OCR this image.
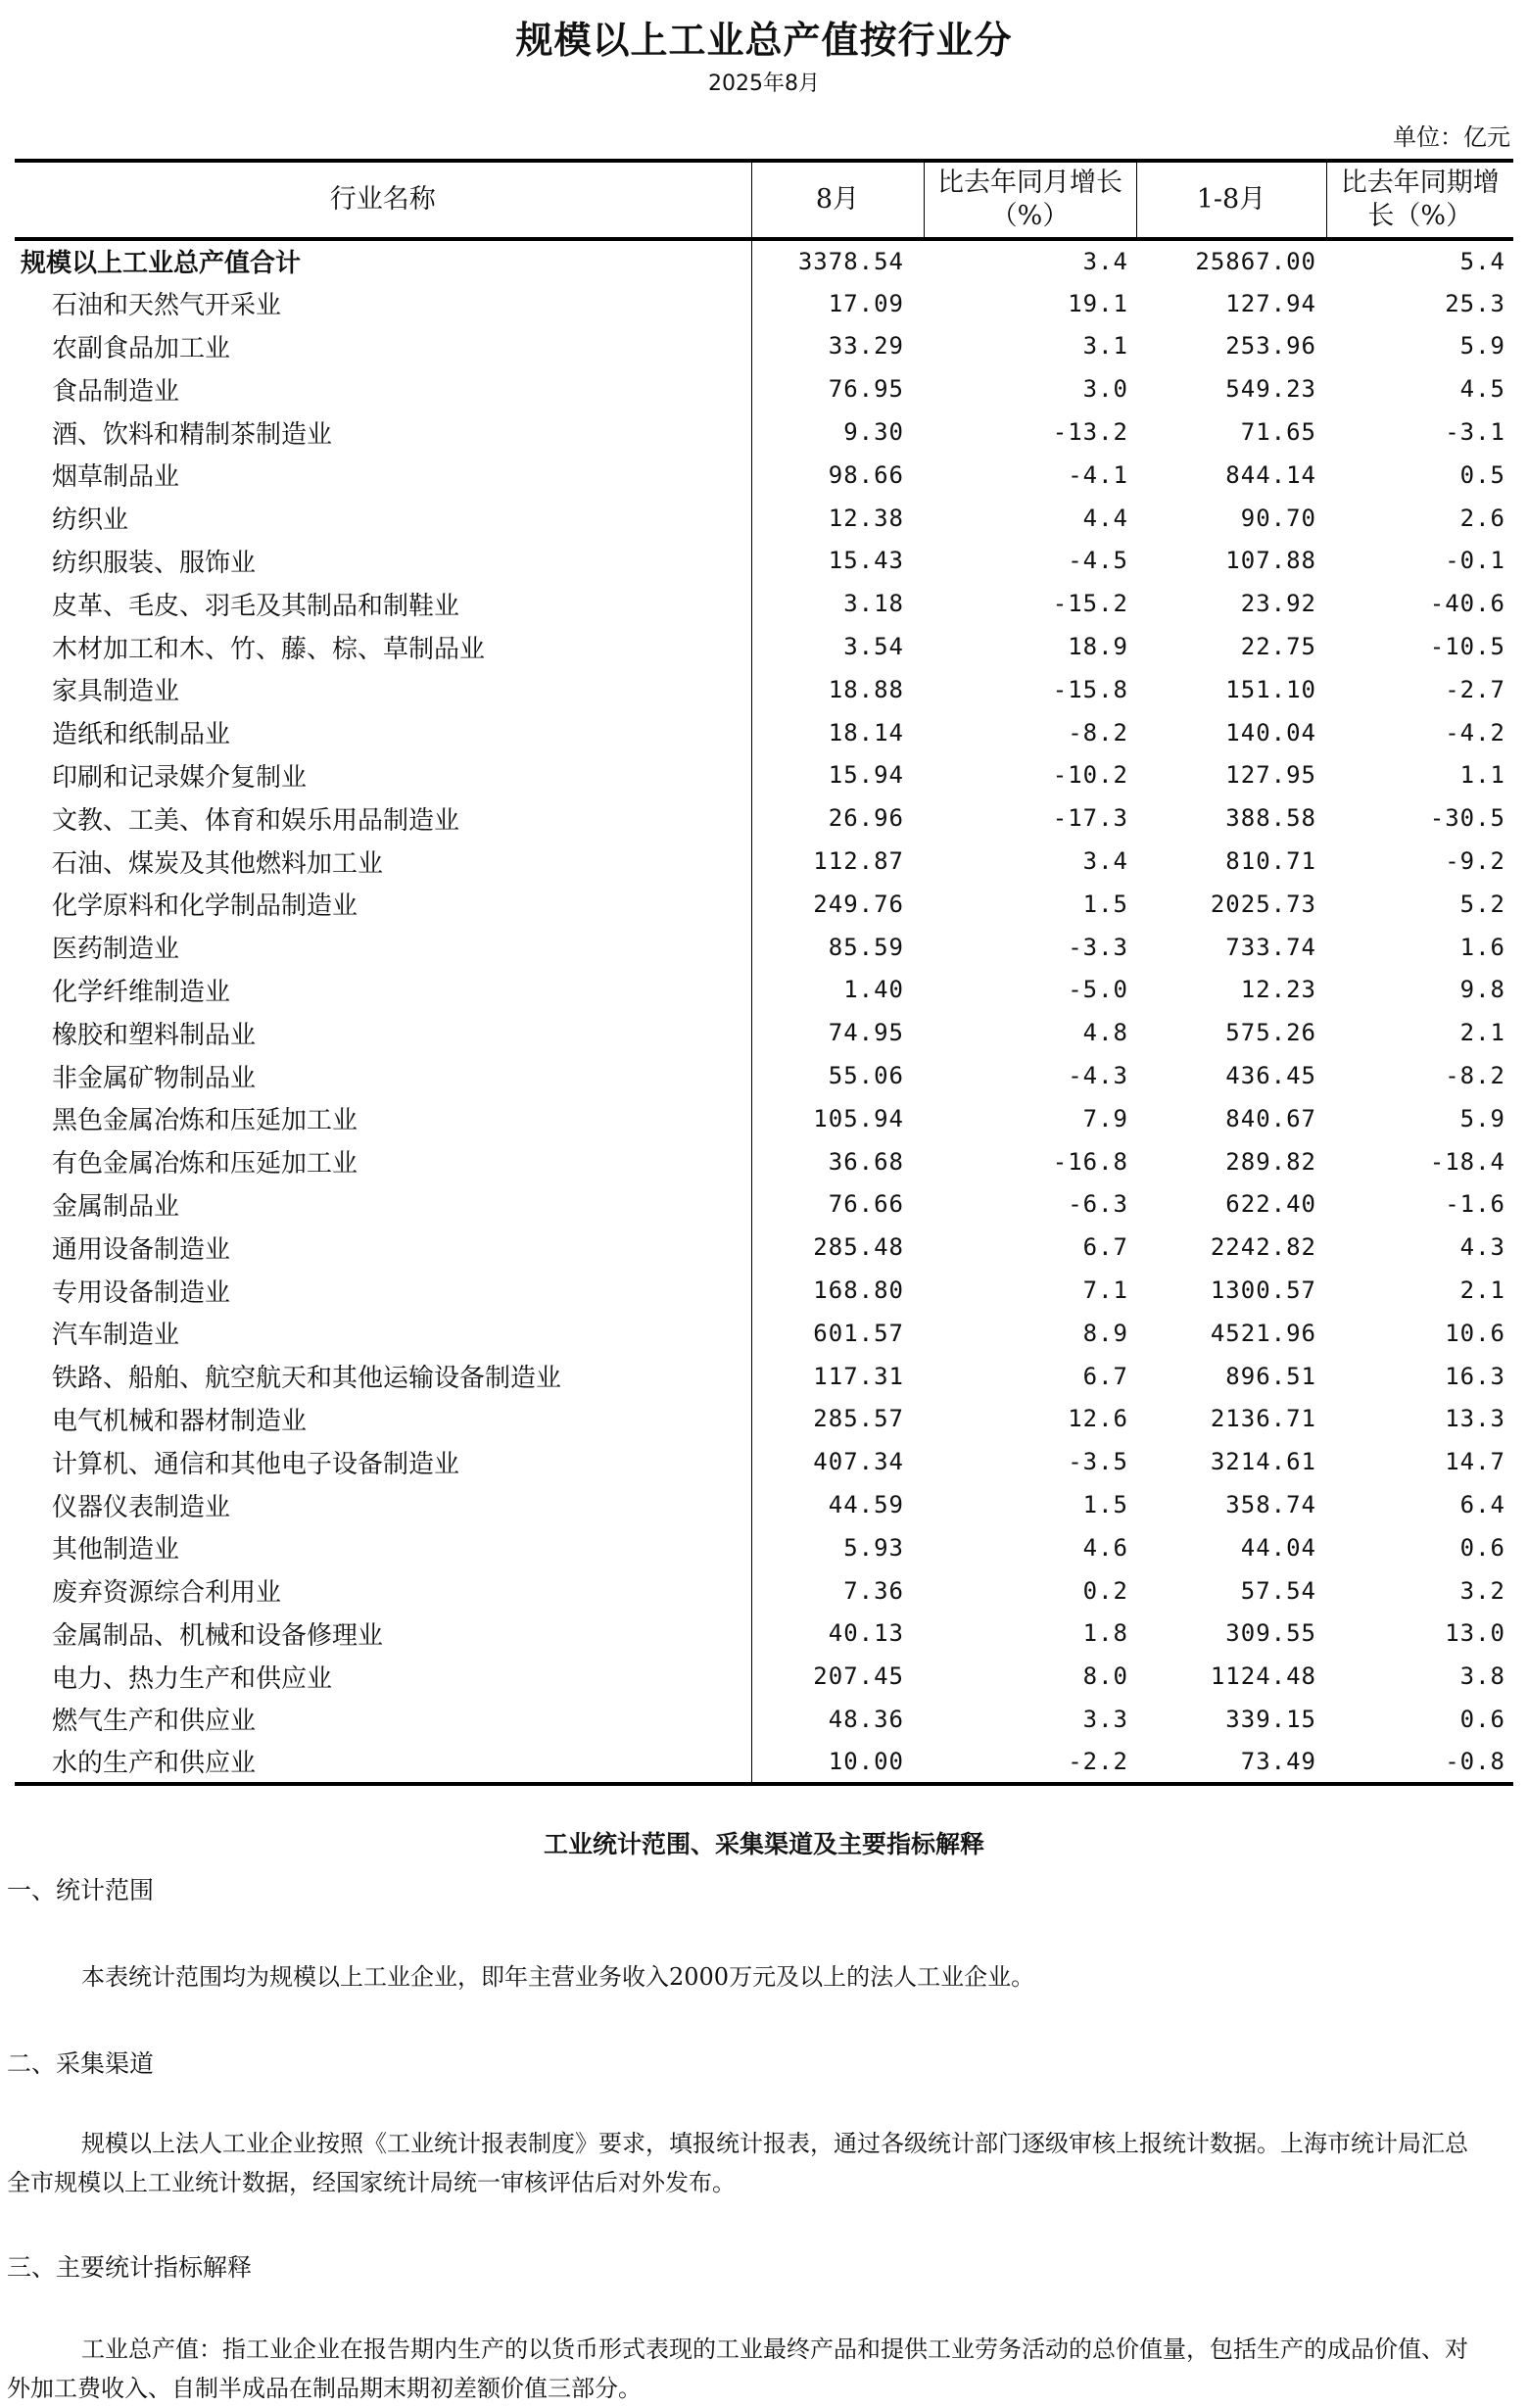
规模以上工业总产值按行业分
2025年8月
单位：亿元
行业名称	8月	比去年同月增长（%）	1-8月	比去年同期增长（%）
规模以上工业总产值合计	3378.54	3.4	25867.00	5.4
石油和天然气开采业	17.09	19.1	127.94	25.3
农副食品加工业	33.29	3.1	253.96	5.9
食品制造业	76.95	3.0	549.23	4.5
酒、饮料和精制茶制造业	9.30	-13.2	71.65	-3.1
烟草制品业	98.66	-4.1	844.14	0.5
纺织业	12.38	4.4	90.70	2.6
纺织服装、服饰业	15.43	-4.5	107.88	-0.1
皮革、毛皮、羽毛及其制品和制鞋业	3.18	-15.2	23.92	-40.6
木材加工和木、竹、藤、棕、草制品业	3.54	18.9	22.75	-10.5
家具制造业	18.88	-15.8	151.10	-2.7
造纸和纸制品业	18.14	-8.2	140.04	-4.2
印刷和记录媒介复制业	15.94	-10.2	127.95	1.1
文教、工美、体育和娱乐用品制造业	26.96	-17.3	388.58	-30.5
石油、煤炭及其他燃料加工业	112.87	3.4	810.71	-9.2
化学原料和化学制品制造业	249.76	1.5	2025.73	5.2
医药制造业	85.59	-3.3	733.74	1.6
化学纤维制造业	1.40	-5.0	12.23	9.8
橡胶和塑料制品业	74.95	4.8	575.26	2.1
非金属矿物制品业	55.06	-4.3	436.45	-8.2
黑色金属冶炼和压延加工业	105.94	7.9	840.67	5.9
有色金属冶炼和压延加工业	36.68	-16.8	289.82	-18.4
金属制品业	76.66	-6.3	622.40	-1.6
通用设备制造业	285.48	6.7	2242.82	4.3
专用设备制造业	168.80	7.1	1300.57	2.1
汽车制造业	601.57	8.9	4521.96	10.6
铁路、船舶、航空航天和其他运输设备制造业	117.31	6.7	896.51	16.3
电气机械和器材制造业	285.57	12.6	2136.71	13.3
计算机、通信和其他电子设备制造业	407.34	-3.5	3214.61	14.7
仪器仪表制造业	44.59	1.5	358.74	6.4
其他制造业	5.93	4.6	44.04	0.6
废弃资源综合利用业	7.36	0.2	57.54	3.2
金属制品、机械和设备修理业	40.13	1.8	309.55	13.0
电力、热力生产和供应业	207.45	8.0	1124.48	3.8
燃气生产和供应业	48.36	3.3	339.15	0.6
水的生产和供应业	10.00	-2.2	73.49	-0.8
工业统计范围、采集渠道及主要指标解释
一、统计范围
本表统计范围均为规模以上工业企业，即年主营业务收入2000万元及以上的法人工业企业。
二、采集渠道
规模以上法人工业企业按照《工业统计报表制度》要求，填报统计报表，通过各级统计部门逐级审核上报统计数据。上海市统计局汇总全市规模以上工业统计数据，经国家统计局统一审核评估后对外发布。
三、主要统计指标解释
工业总产值：指工业企业在报告期内生产的以货币形式表现的工业最终产品和提供工业劳务活动的总价值量，包括生产的成品价值、对外加工费收入、自制半成品在制品期末期初差额价值三部分。
